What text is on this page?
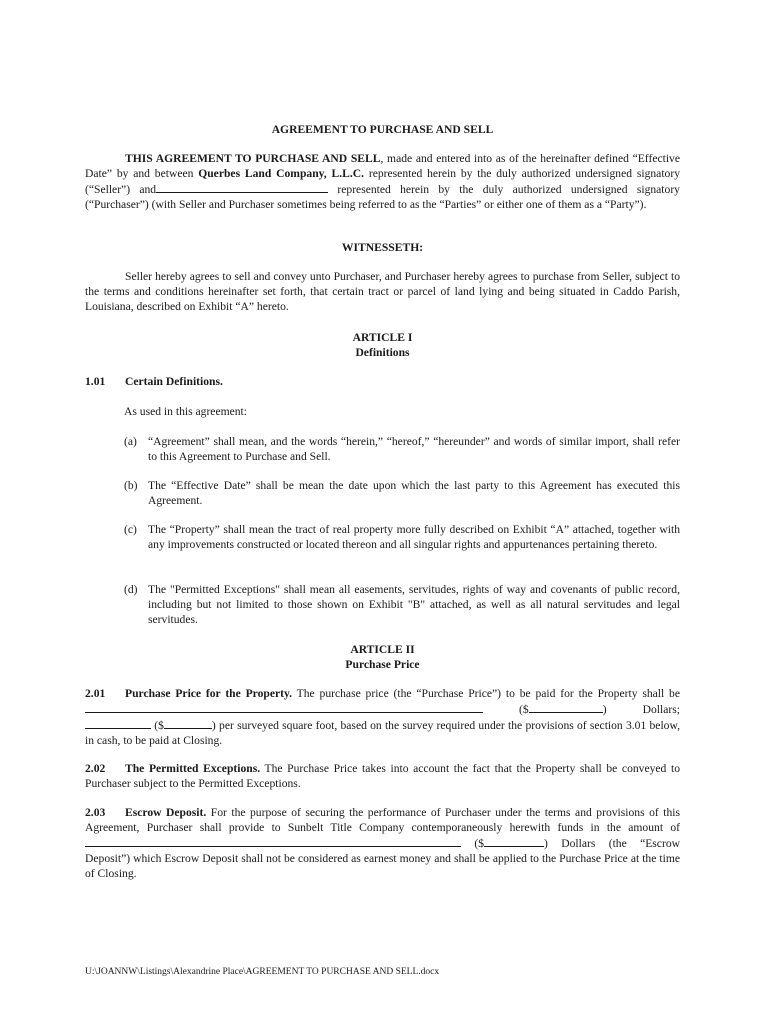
AGREEMENT TO PURCHASE AND SELL
THIS AGREEMENT TO PURCHASE AND SELL, made and entered into as of the hereinafter defined “Effective Date” by and between Querbes Land Company, L.L.C. represented herein by the duly authorized undersigned signatory (“Seller”) and	represented herein by the duly authorized undersigned signatory (“Purchaser”) (with Seller and Purchaser sometimes being referred to as the “Parties” or either one of them as a “Party”).
WITNESSETH:
Seller hereby agrees to sell and convey unto Purchaser, and Purchaser hereby agrees to purchase from Seller, subject to the terms and conditions hereinafter set forth, that certain tract or parcel of land lying and being situated in Caddo Parish, Louisiana, described on Exhibit “A” hereto.
ARTICLE I
Definitions
1.01 Certain Definitions.
As used in this agreement:
(a) “Agreement” shall mean, and the words “herein,” “hereof,” “hereunder” and words of similar import, shall refer to this Agreement to Purchase and Sell.
(b) The “Effective Date” shall be mean the date upon which the last party to this Agreement has executed this Agreement.
(c) The “Property” shall mean the tract of real property more fully described on Exhibit “A” attached, together with any improvements constructed or located thereon and all singular rights and appurtenances pertaining thereto.
(d) The "Permitted Exceptions" shall mean all easements, servitudes, rights of way and covenants of public record, including but not limited to those shown on Exhibit "B" attached, as well as all natural servitudes and legal servitudes.
ARTICLE II
Purchase Price
2.01 Purchase Price for the Property. The purchase price (the “Purchase Price”) to be paid for the Property shall be  ($	) Dollars;  ($	) per surveyed square foot, based on the survey required under the provisions of section 3.01 below, in cash, to be paid at Closing.
2.02 The Permitted Exceptions. The Purchase Price takes into account the fact that the Property shall be conveyed to Purchaser subject to the Permitted Exceptions.
2.03 Escrow Deposit. For the purpose of securing the performance of Purchaser under the terms and provisions of this Agreement, Purchaser shall provide to Sunbelt Title Company contemporaneously herewith funds in the amount of  ($	) Dollars (the “Escrow Deposit”) which Escrow Deposit shall not be considered as earnest money and shall be applied to the Purchase Price at the time of Closing.
U:\JOANNW\Listings\Alexandrine Place\AGREEMENT TO PURCHASE AND SELL.docx
